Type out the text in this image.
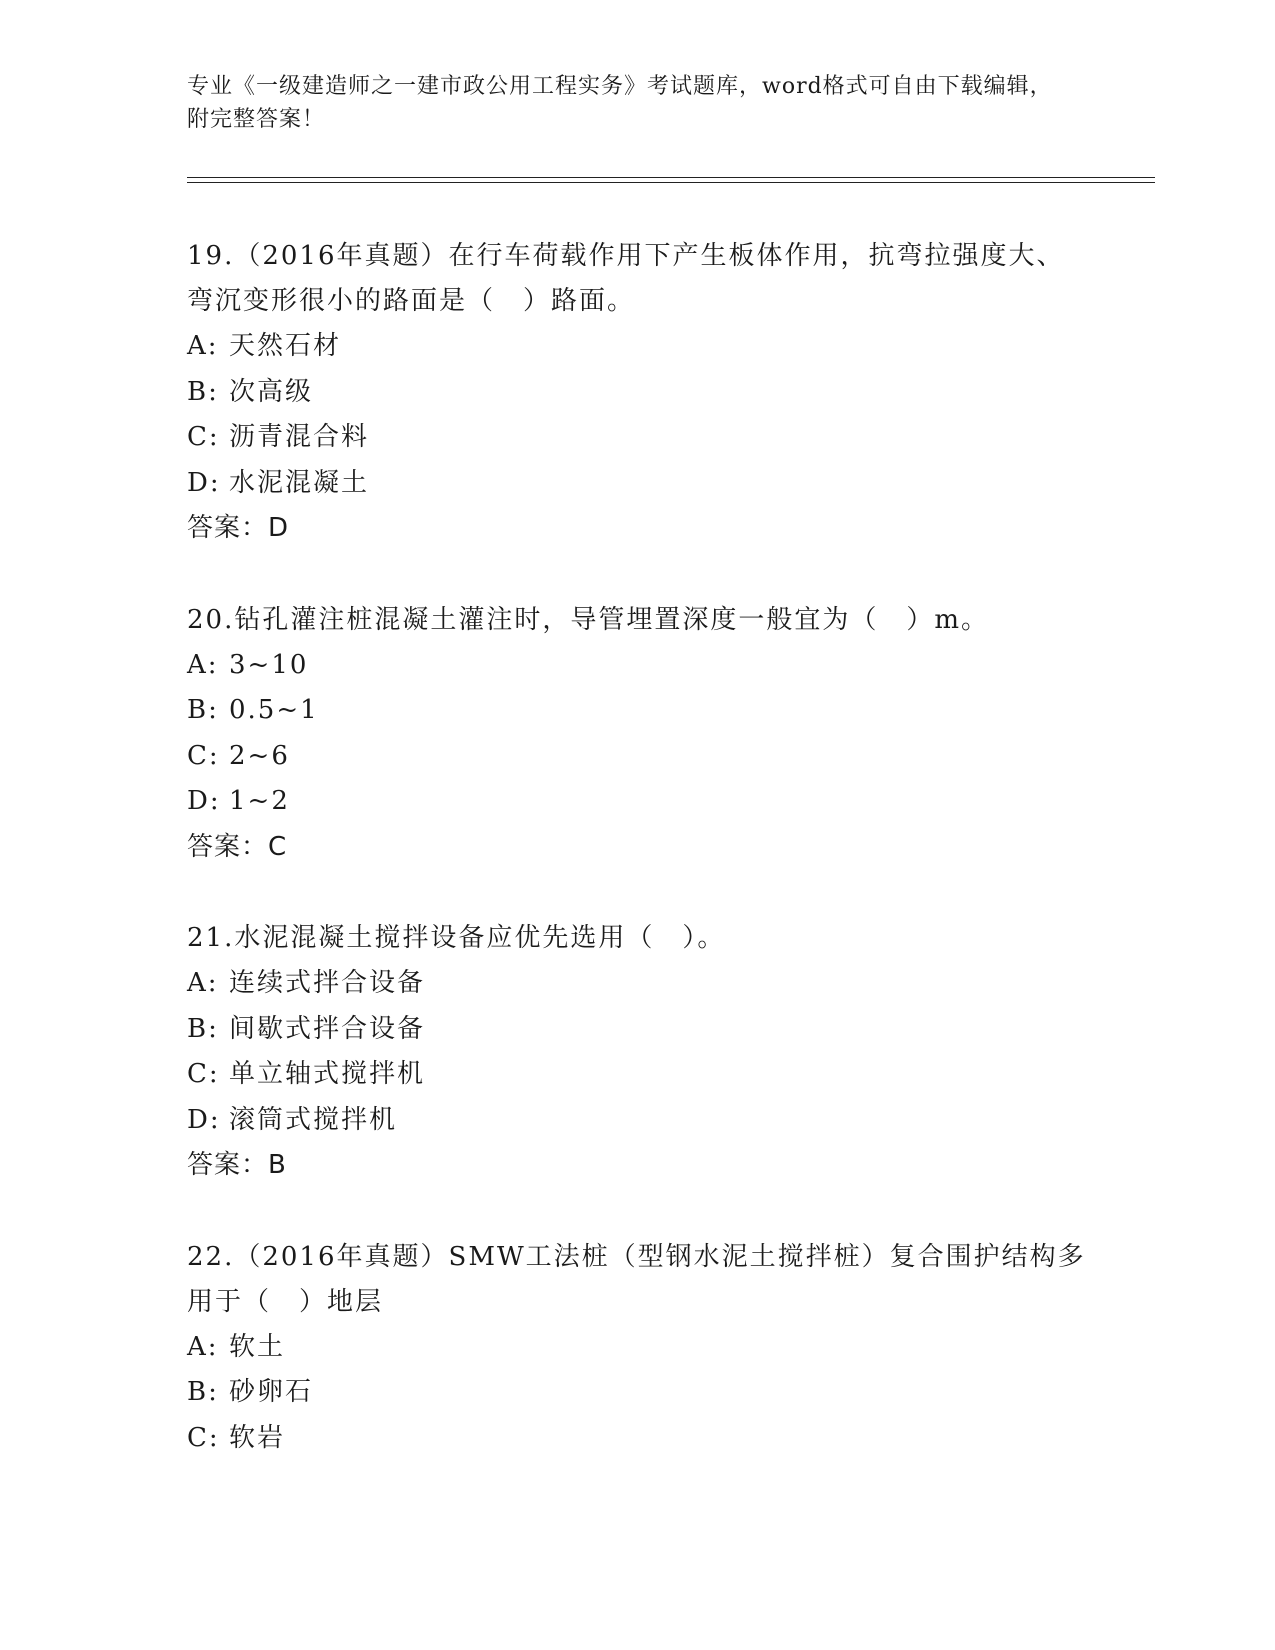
专业《一级建造师之一建市政公用工程实务》考试题库，word格式可自由下载编辑，附完整答案！
19.（2016年真题）在行车荷载作用下产生板体作用，抗弯拉强度大、弯沉变形很小的路面是（　）路面。
A: 天然石材
B: 次高级
C: 沥青混合料
D: 水泥混凝土
答案：D
20.钻孔灌注桩混凝土灌注时，导管埋置深度一般宜为（　）m。
A: 3~10
B: 0.5~1
C: 2~6
D: 1~2
答案：C
21.水泥混凝土搅拌设备应优先选用（　）。
A: 连续式拌合设备
B: 间歇式拌合设备
C: 单立轴式搅拌机
D: 滚筒式搅拌机
答案：B
22.（2016年真题）SMW工法桩（型钢水泥土搅拌桩）复合围护结构多用于（　）地层
A: 软土
B: 砂卵石
C: 软岩
